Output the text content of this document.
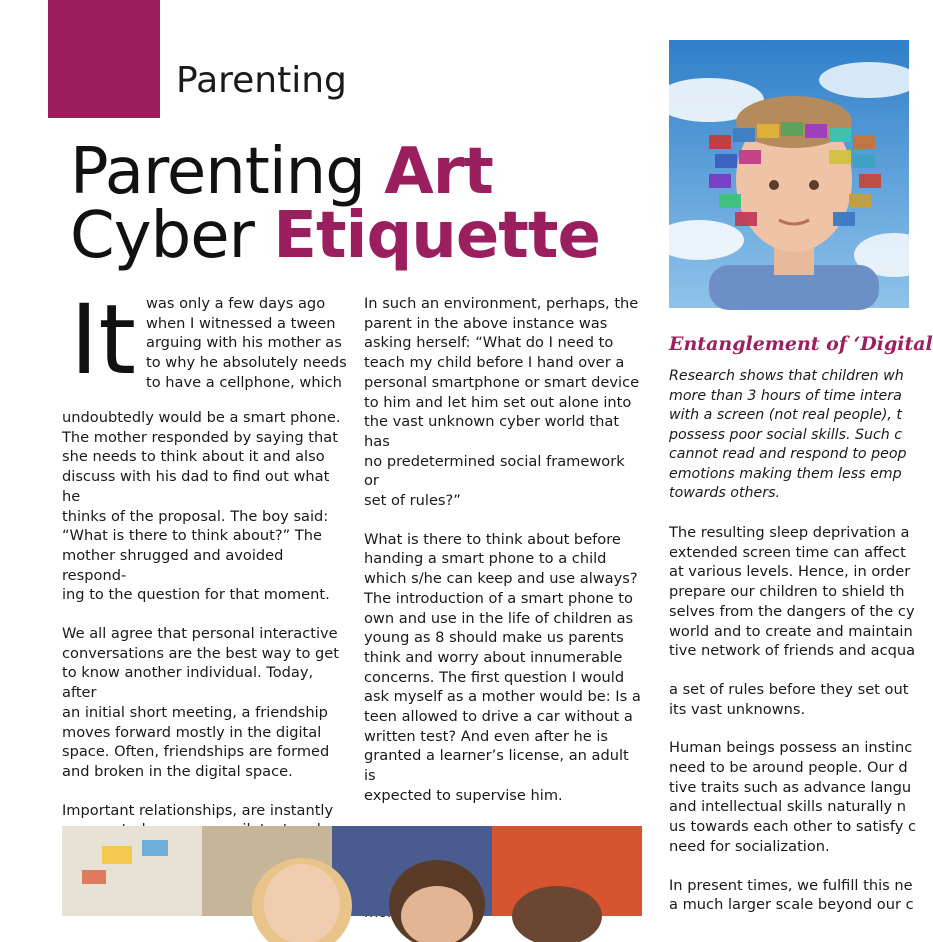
Parenting
Parenting Art
Cyber Etiquette
It was only a few days ago
when I witnessed a tween
arguing with his mother as
to why he absolutely needs
to have a cellphone, which

undoubtedly would be a smart phone.
The mother responded by saying that
she needs to think about it and also
discuss with his dad to find out what he
thinks of the proposal. The boy said:
“What is there to think about?” The
mother shrugged and avoided respond-
ing to the question for that moment.

We all agree that personal interactive
conversations are the best way to get
to know another individual. Today, after
an initial short meeting, a friendship
moves forward mostly in the digital
space. Often, friendships are formed
and broken in the digital space.

Important relationships, are instantly

In such an environment, perhaps, the
parent in the above instance was
asking herself: “What do I need to
teach my child before I hand over a
personal smartphone or smart device
to him and let him set out alone into
the vast unknown cyber world that has
no predetermined social framework or
set of rules?”

What is there to think about before
handing a smart phone to a child
which s/he can keep and use always?
The introduction of a smart phone to
own and use in the life of children as
young as 8 should make us parents
think and worry about innumerable
concerns. The first question I would
ask myself as a mother would be: Is a
teen allowed to drive a car without a
written test? And even after he is
granted a learner’s license, an adult is
expected to supervise him.

Entanglement of ‘Digital
Research shows that children wh
more than 3 hours of time intera
with a screen (not real people), t
possess poor social skills. Such c
cannot read and respond to peop
emotions making them less emp
towards others.

The resulting sleep deprivation a
extended screen time can affect
at various levels. Hence, in order
prepare our children to shield th
selves from the dangers of the cy
world and to create and maintain
tive network of friends and acqua

a set of rules before they set out
its vast unknowns.

Human beings possess an instinc
need to be around people. Our d
tive traits such as advance langu
and intellectual skills naturally n
us towards each other to satisfy c
need for socialization.

In present times, we fulfill this ne
a much larger scale beyond our c
